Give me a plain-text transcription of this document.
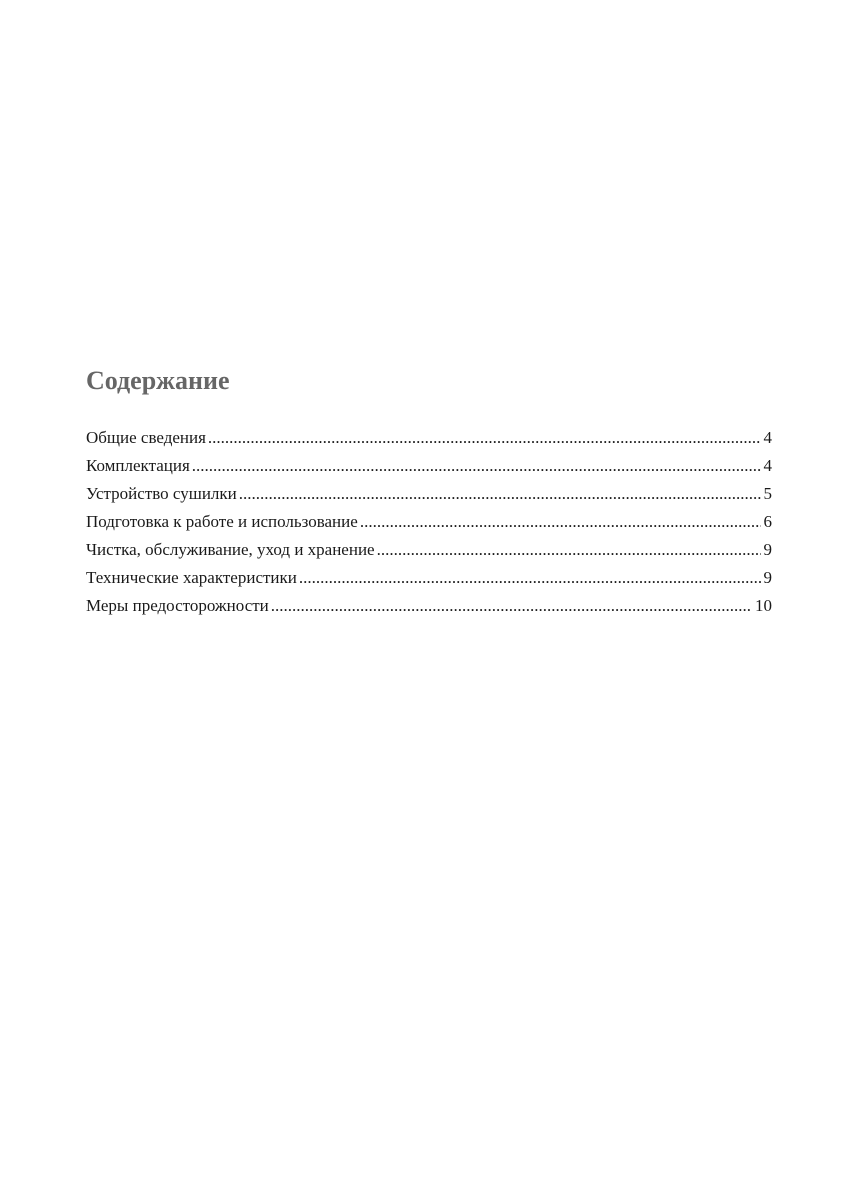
Содержание
Общие сведения .....	4
Комплектация .....	4
Устройство сушилки .....	5
Подготовка к работе и использование .....	6
Чистка, обслуживание, уход и хранение .....	9
Технические характеристики .....	9
Меры предосторожности .....	10
